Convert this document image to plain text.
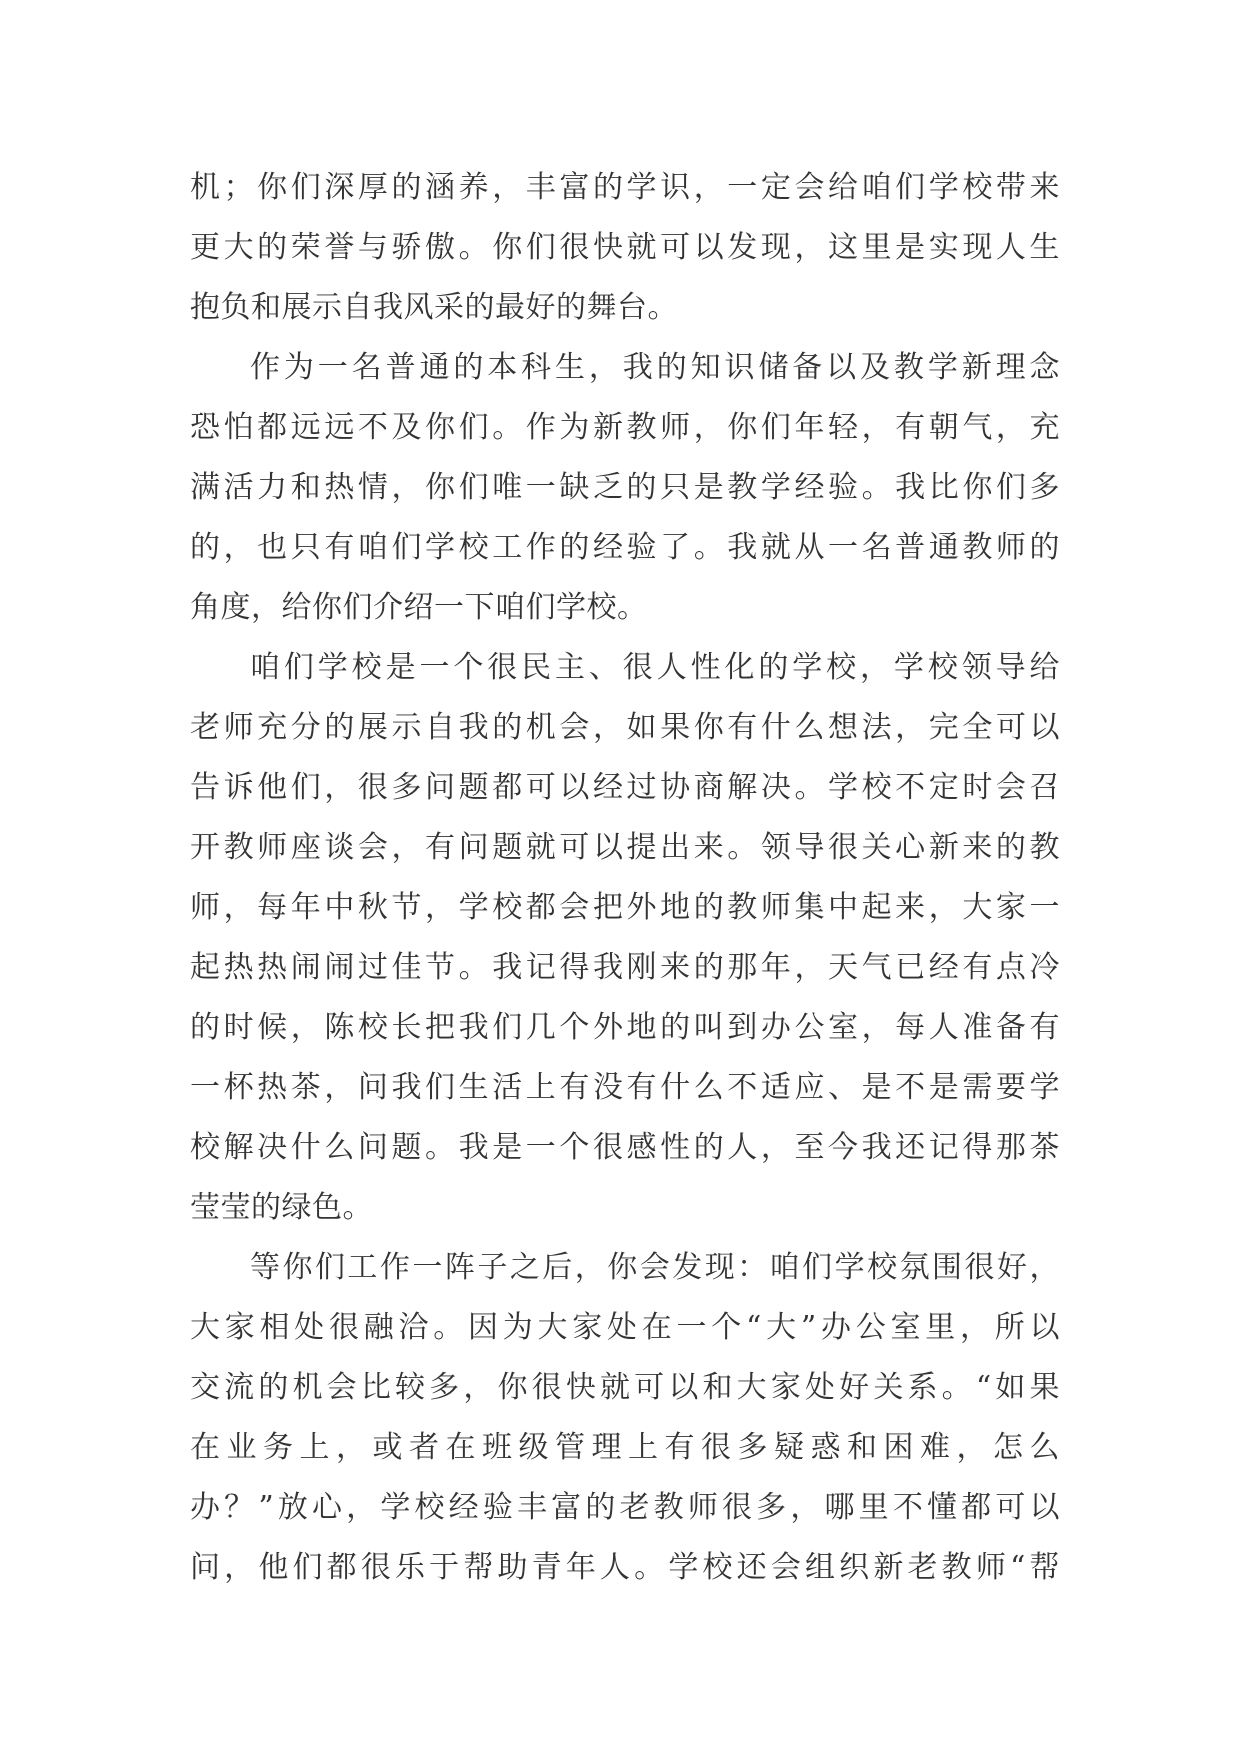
机；你们深厚的涵养，丰富的学识，一定会给咱们学校带来
更大的荣誉与骄傲。你们很快就可以发现，这里是实现人生
抱负和展示自我风采的最好的舞台。
作为一名普通的本科生，我的知识储备以及教学新理念
恐怕都远远不及你们。作为新教师，你们年轻，有朝气，充
满活力和热情，你们唯一缺乏的只是教学经验。我比你们多
的，也只有咱们学校工作的经验了。我就从一名普通教师的
角度，给你们介绍一下咱们学校。
咱们学校是一个很民主、很人性化的学校，学校领导给
老师充分的展示自我的机会，如果你有什么想法，完全可以
告诉他们，很多问题都可以经过协商解决。学校不定时会召
开教师座谈会，有问题就可以提出来。领导很关心新来的教
师，每年中秋节，学校都会把外地的教师集中起来，大家一
起热热闹闹过佳节。我记得我刚来的那年，天气已经有点冷
的时候，陈校长把我们几个外地的叫到办公室，每人准备有
一杯热茶，问我们生活上有没有什么不适应、是不是需要学
校解决什么问题。我是一个很感性的人，至今我还记得那茶
莹莹的绿色。
等你们工作一阵子之后，你会发现：咱们学校氛围很好，
大家相处很融洽。因为大家处在一个“大”办公室里，所以
交流的机会比较多，你很快就可以和大家处好关系。“如果
在业务上，或者在班级管理上有很多疑惑和困难，怎么
办？”放心，学校经验丰富的老教师很多，哪里不懂都可以
问，他们都很乐于帮助青年人。学校还会组织新老教师“帮
